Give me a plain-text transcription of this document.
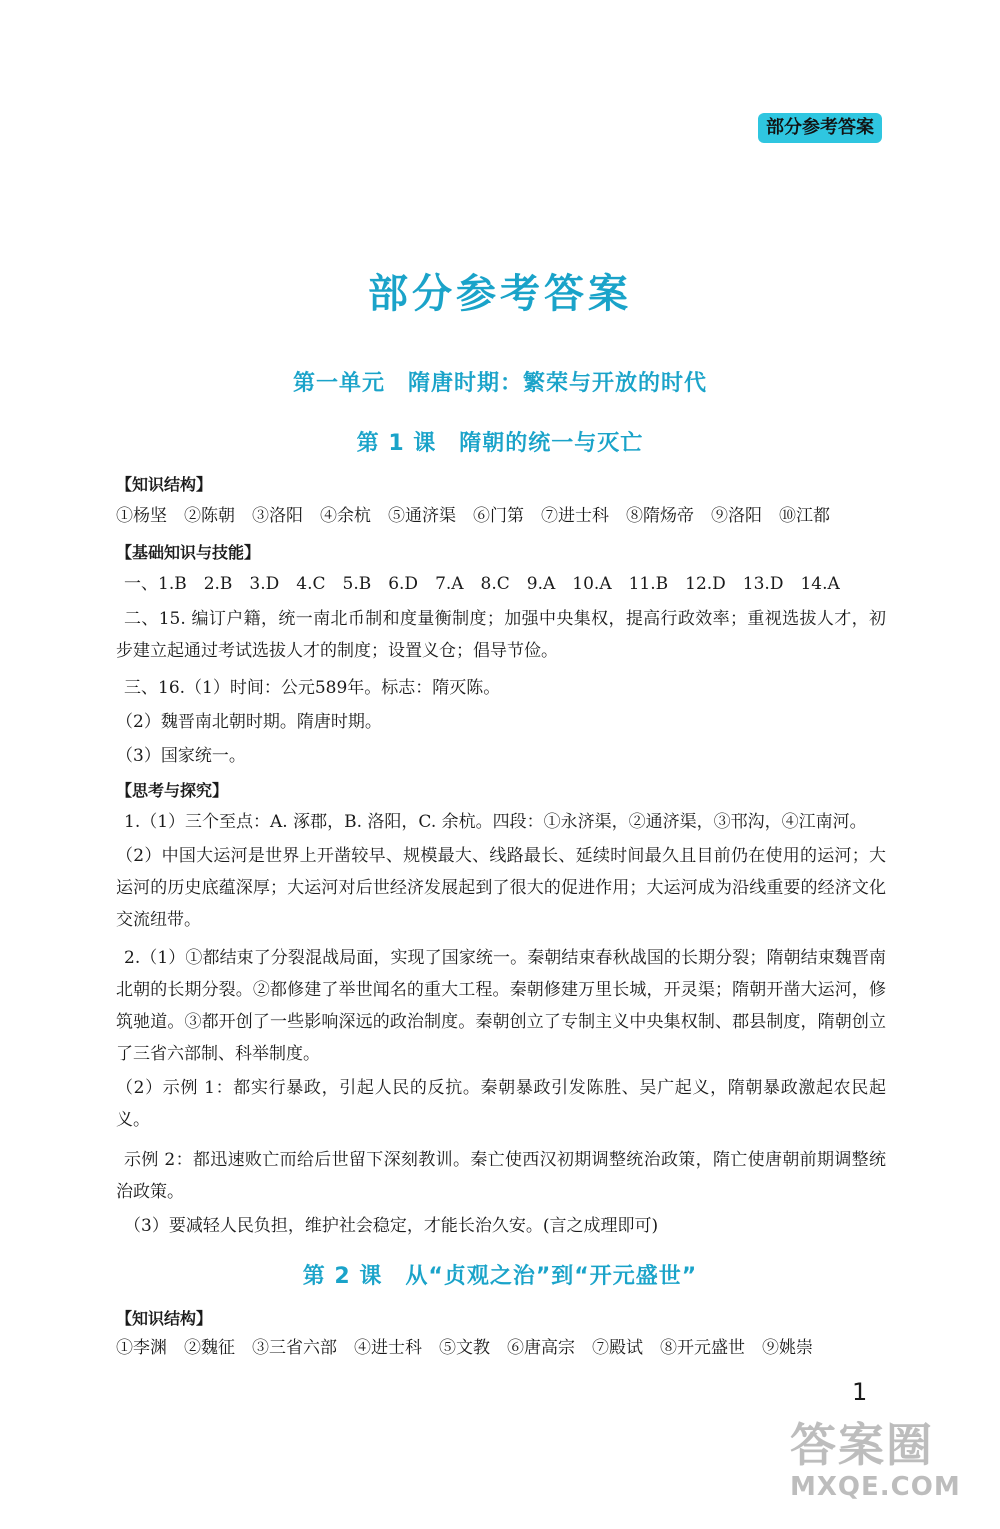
部分参考答案
部分参考答案
第一单元　隋唐时期：繁荣与开放的时代
第 1 课　隋朝的统一与灭亡
【知识结构】
①杨坚　②陈朝　③洛阳　④余杭　⑤通济渠　⑥门第　⑦进士科　⑧隋炀帝　⑨洛阳　⑩江都
【基础知识与技能】
一、1.B　2.B　3.D　4.C　5.B　6.D　7.A　8.C　9.A　10.A　11.B　12.D　13.D　14.A
二、15. 编订户籍，统一南北币制和度量衡制度；加强中央集权，提高行政效率；重视选拔人才，初步建立起通过考试选拔人才的制度；设置义仓；倡导节俭。
三、16.（1）时间：公元589年。标志：隋灭陈。
（2）魏晋南北朝时期。隋唐时期。
（3）国家统一。
【思考与探究】
1.（1）三个至点：A. 涿郡，B. 洛阳，C. 余杭。四段：①永济渠，②通济渠，③邗沟，④江南河。
（2）中国大运河是世界上开凿较早、规模最大、线路最长、延续时间最久且目前仍在使用的运河；大运河的历史底蕴深厚；大运河对后世经济发展起到了很大的促进作用；大运河成为沿线重要的经济文化交流纽带。
2.（1）①都结束了分裂混战局面，实现了国家统一。秦朝结束春秋战国的长期分裂；隋朝结束魏晋南北朝的长期分裂。②都修建了举世闻名的重大工程。秦朝修建万里长城，开灵渠；隋朝开凿大运河，修筑驰道。③都开创了一些影响深远的政治制度。秦朝创立了专制主义中央集权制、郡县制度，隋朝创立了三省六部制、科举制度。
（2）示例 1：都实行暴政，引起人民的反抗。秦朝暴政引发陈胜、吴广起义，隋朝暴政激起农民起义。
示例 2：都迅速败亡而给后世留下深刻教训。秦亡使西汉初期调整统治政策，隋亡使唐朝前期调整统治政策。
（3）要减轻人民负担，维护社会稳定，才能长治久安。(言之成理即可)
第 2 课　从“贞观之治”到“开元盛世”
【知识结构】
①李渊　②魏征　③三省六部　④进士科　⑤文教　⑥唐高宗　⑦殿试　⑧开元盛世　⑨姚崇
1
答案圈
MXQE.COM
